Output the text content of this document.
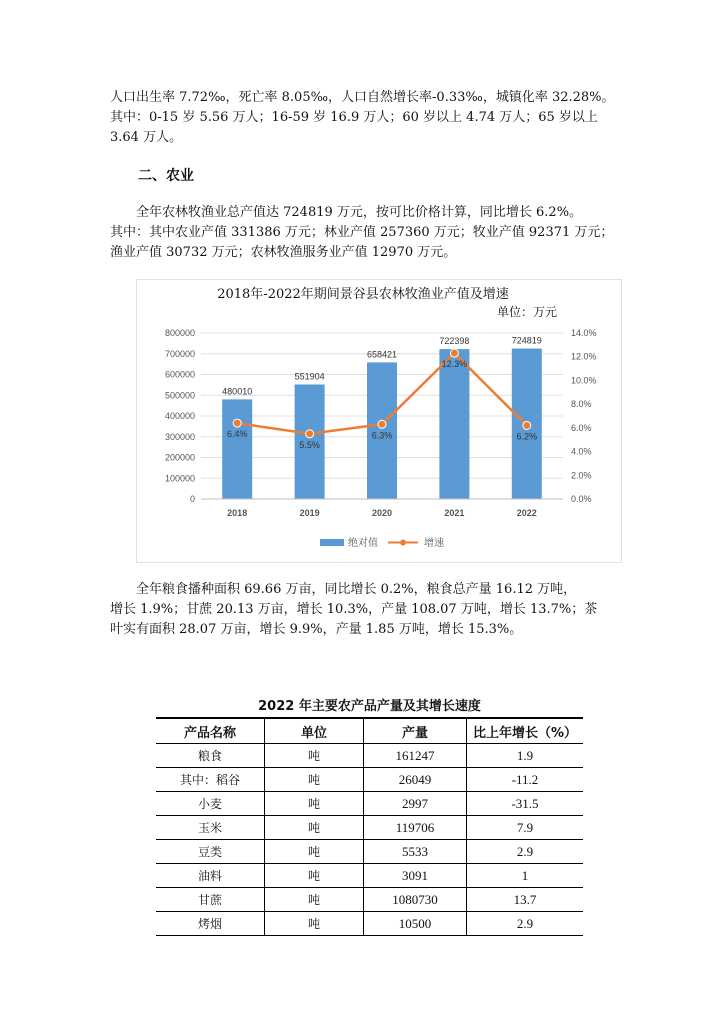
人口出生率 7.72‰，死亡率 8.05‰，人口自然增长率-0.33‰，城镇化率 32.28%。
其中：0-15 岁 5.56 万人；16-59 岁 16.9 万人；60 岁以上 4.74 万人；65 岁以上
3.64 万人。
二、农业
　　全年农林牧渔业总产值达 724819 万元，按可比价格计算，同比增长 6.2%。
其中：其中农业产值 331386 万元；林业产值 257360 万元；牧业产值 92371 万元；
渔业产值 30732 万元；农林牧渔服务业产值 12970 万元。
2018年-2022年期间景谷县农林牧渔业产值及增速
单位：万元
480010
551904
658421
722398	724819
6.4%
5.5%
6.3%
12.3%
6.2%
0
100000
200000
300000
400000
500000
600000
700000
800000
0.0%
2.0%
4.0%
6.0%
8.0%
10.0%
12.0%
14.0%
2018	2019	2020	2021	2022
绝对值	增速
　　全年粮食播种面积 69.66 万亩，同比增长 0.2%，粮食总产量 16.12 万吨，
增长 1.9%；甘蔗 20.13 万亩，增长 10.3%，产量 108.07 万吨，增长 13.7%；茶
叶实有面积 28.07 万亩，增长 9.9%，产量 1.85 万吨，增长 15.3%。
2022 年主要农产品产量及其增长速度
产品名称	单位	产量	比上年增长（%）
粮食	吨	161247	1.9
其中：稻谷	吨	26049	-11.2
小麦	吨	2997	-31.5
玉米	吨	119706	7.9
豆类	吨	5533	2.9
油料	吨	3091	1
甘蔗	吨	1080730	13.7
烤烟	吨	10500	2.9
